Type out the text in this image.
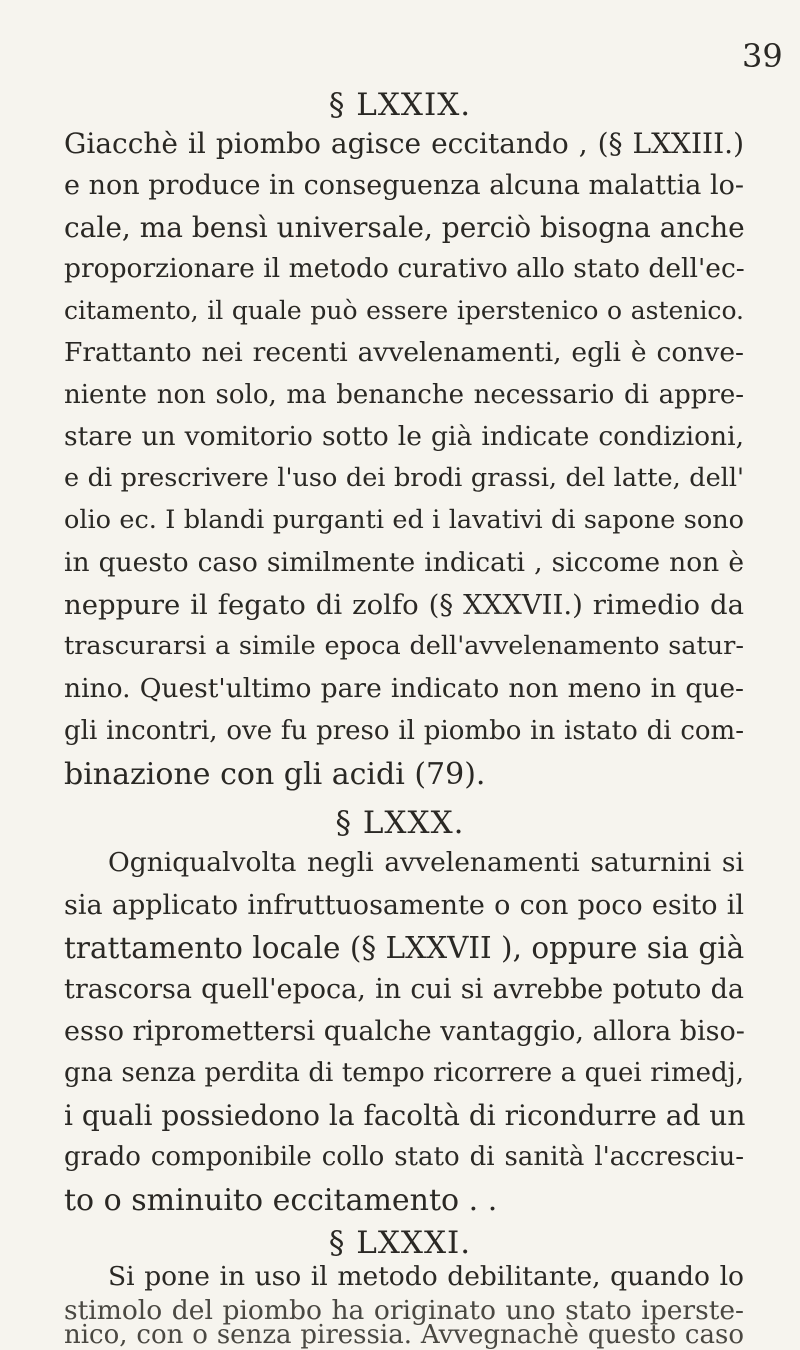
39
§ LXXIX.
Giacchè il piombo agisce eccitando , (§ LXXIII.)
e non produce in conseguenza alcuna malattia lo-
cale, ma bensì universale, perciò bisogna anche
proporzionare il metodo curativo allo stato dell'ec-
citamento, il quale può essere iperstenico o astenico.
Frattanto nei recenti avvelenamenti, egli è conve-
niente non solo, ma benanche necessario di appre-
stare un vomitorio sotto le già indicate condizioni,
e di prescrivere l'uso dei brodi grassi, del latte, dell'
olio ec. I blandi purganti ed i lavativi di sapone sono
in questo caso similmente indicati , siccome non è
neppure il fegato di zolfo (§ XXXVII.) rimedio da
trascurarsi a simile epoca dell'avvelenamento satur-
nino. Quest'ultimo pare indicato non meno in que-
gli incontri, ove fu preso il piombo in istato di com-
binazione con gli acidi (79).
§ LXXX.
Ogniqualvolta negli avvelenamenti saturnini si
sia applicato infruttuosamente o con poco esito il
trattamento locale (§ LXXVII ), oppure sia già
trascorsa quell'epoca, in cui si avrebbe potuto da
esso ripromettersi qualche vantaggio, allora biso-
gna senza perdita di tempo ricorrere a quei rimedj,
i quali possiedono la facoltà di ricondurre ad un
grado componibile collo stato di sanità l'accresciu-
to o sminuito eccitamento . .
§ LXXXI.
Si pone in uso il metodo debilitante, quando lo
stimolo del piombo ha originato uno stato iperste-
nico, con o senza piressia. Avvegnachè questo caso
